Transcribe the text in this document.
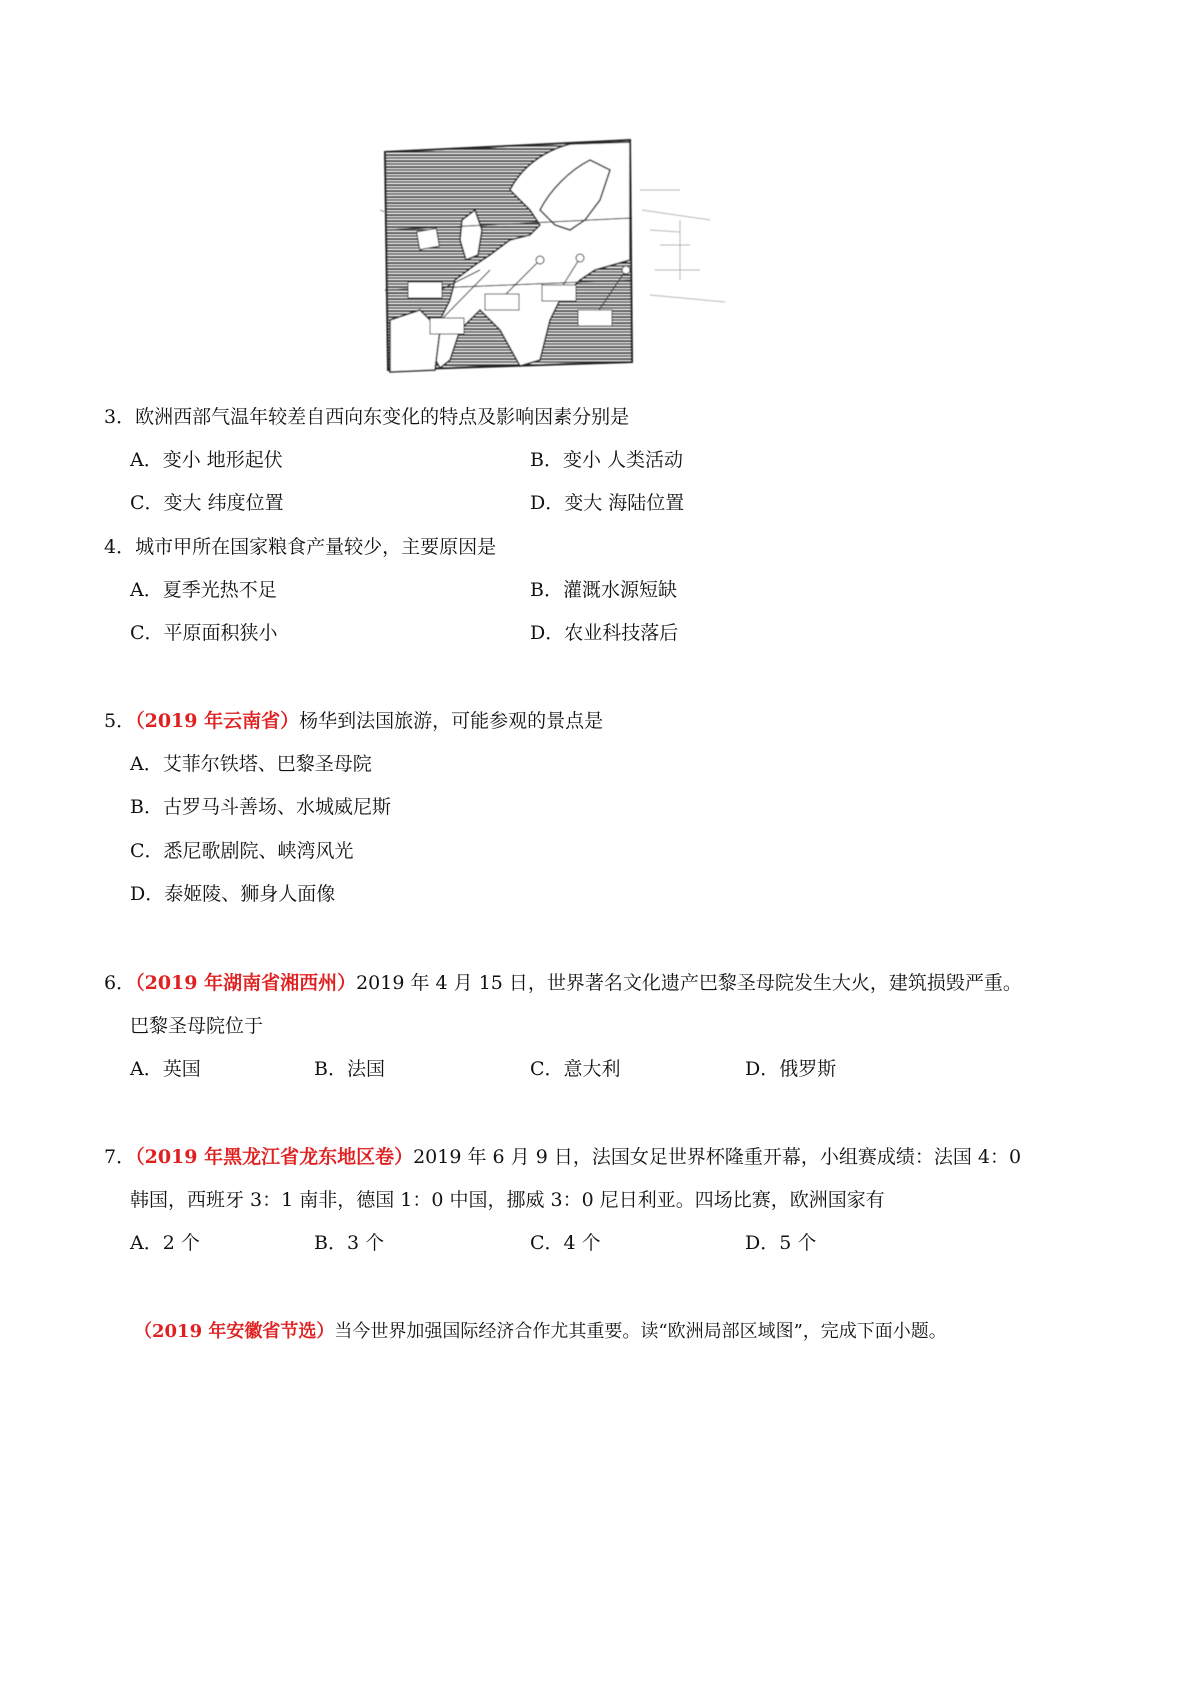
3．欧洲西部气温年较差自西向东变化的特点及影响因素分别是
A．变小 地形起伏	B．变小 人类活动
C．变大 纬度位置	D．变大 海陆位置
4．城市甲所在国家粮食产量较少，主要原因是
A．夏季光热不足	B．灌溉水源短缺
C．平原面积狭小	D．农业科技落后
5．（2019 年云南省）杨华到法国旅游，可能参观的景点是
A．艾菲尔铁塔、巴黎圣母院
B．古罗马斗善场、水城威尼斯
C．悉尼歌剧院、峡湾风光
D．泰姬陵、狮身人面像
6．（2019 年湖南省湘西州）2019 年 4 月 15 日，世界著名文化遗产巴黎圣母院发生大火，建筑损毁严重。
巴黎圣母院位于
A．英国	B．法国	C．意大利	D．俄罗斯
7．（2019 年黑龙江省龙东地区卷）2019 年 6 月 9 日，法国女足世界杯隆重开幕，小组赛成绩：法国 4：0
韩国，西班牙 3：1 南非，德国 1：0 中国，挪威 3：0 尼日利亚。四场比赛，欧洲国家有
A．2 个	B．3 个	C．4 个	D．5 个
（2019 年安徽省节选）当今世界加强国际经济合作尤其重要。读“欧洲局部区域图”，完成下面小题。
